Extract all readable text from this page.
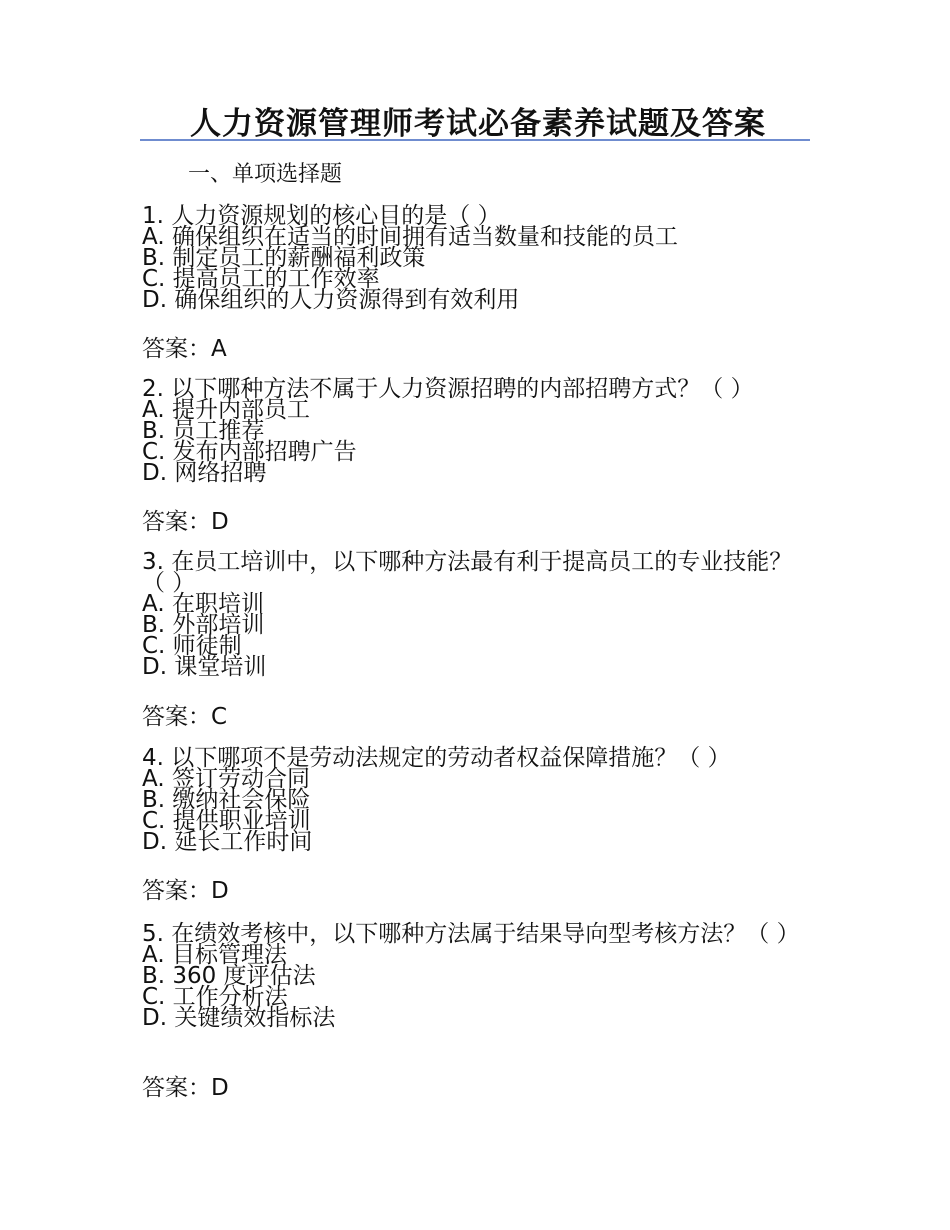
人力资源管理师考试必备素养试题及答案
一、单项选择题
1. 人力资源规划的核心目的是（ ）
A. 确保组织在适当的时间拥有适当数量和技能的员工
B. 制定员工的薪酬福利政策
C. 提高员工的工作效率
D. 确保组织的人力资源得到有效利用
答案：A
2. 以下哪种方法不属于人力资源招聘的内部招聘方式？（ ）
A. 提升内部员工
B. 员工推荐
C. 发布内部招聘广告
D. 网络招聘
答案：D
3. 在员工培训中，以下哪种方法最有利于提高员工的专业技能？（ ）
A. 在职培训
B. 外部培训
C. 师徒制
D. 课堂培训
答案：C
4. 以下哪项不是劳动法规定的劳动者权益保障措施？（ ）
A. 签订劳动合同
B. 缴纳社会保险
C. 提供职业培训
D. 延长工作时间
答案：D
5. 在绩效考核中，以下哪种方法属于结果导向型考核方法？（ ）
A. 目标管理法
B. 360 度评估法
C. 工作分析法
D. 关键绩效指标法
答案：D
